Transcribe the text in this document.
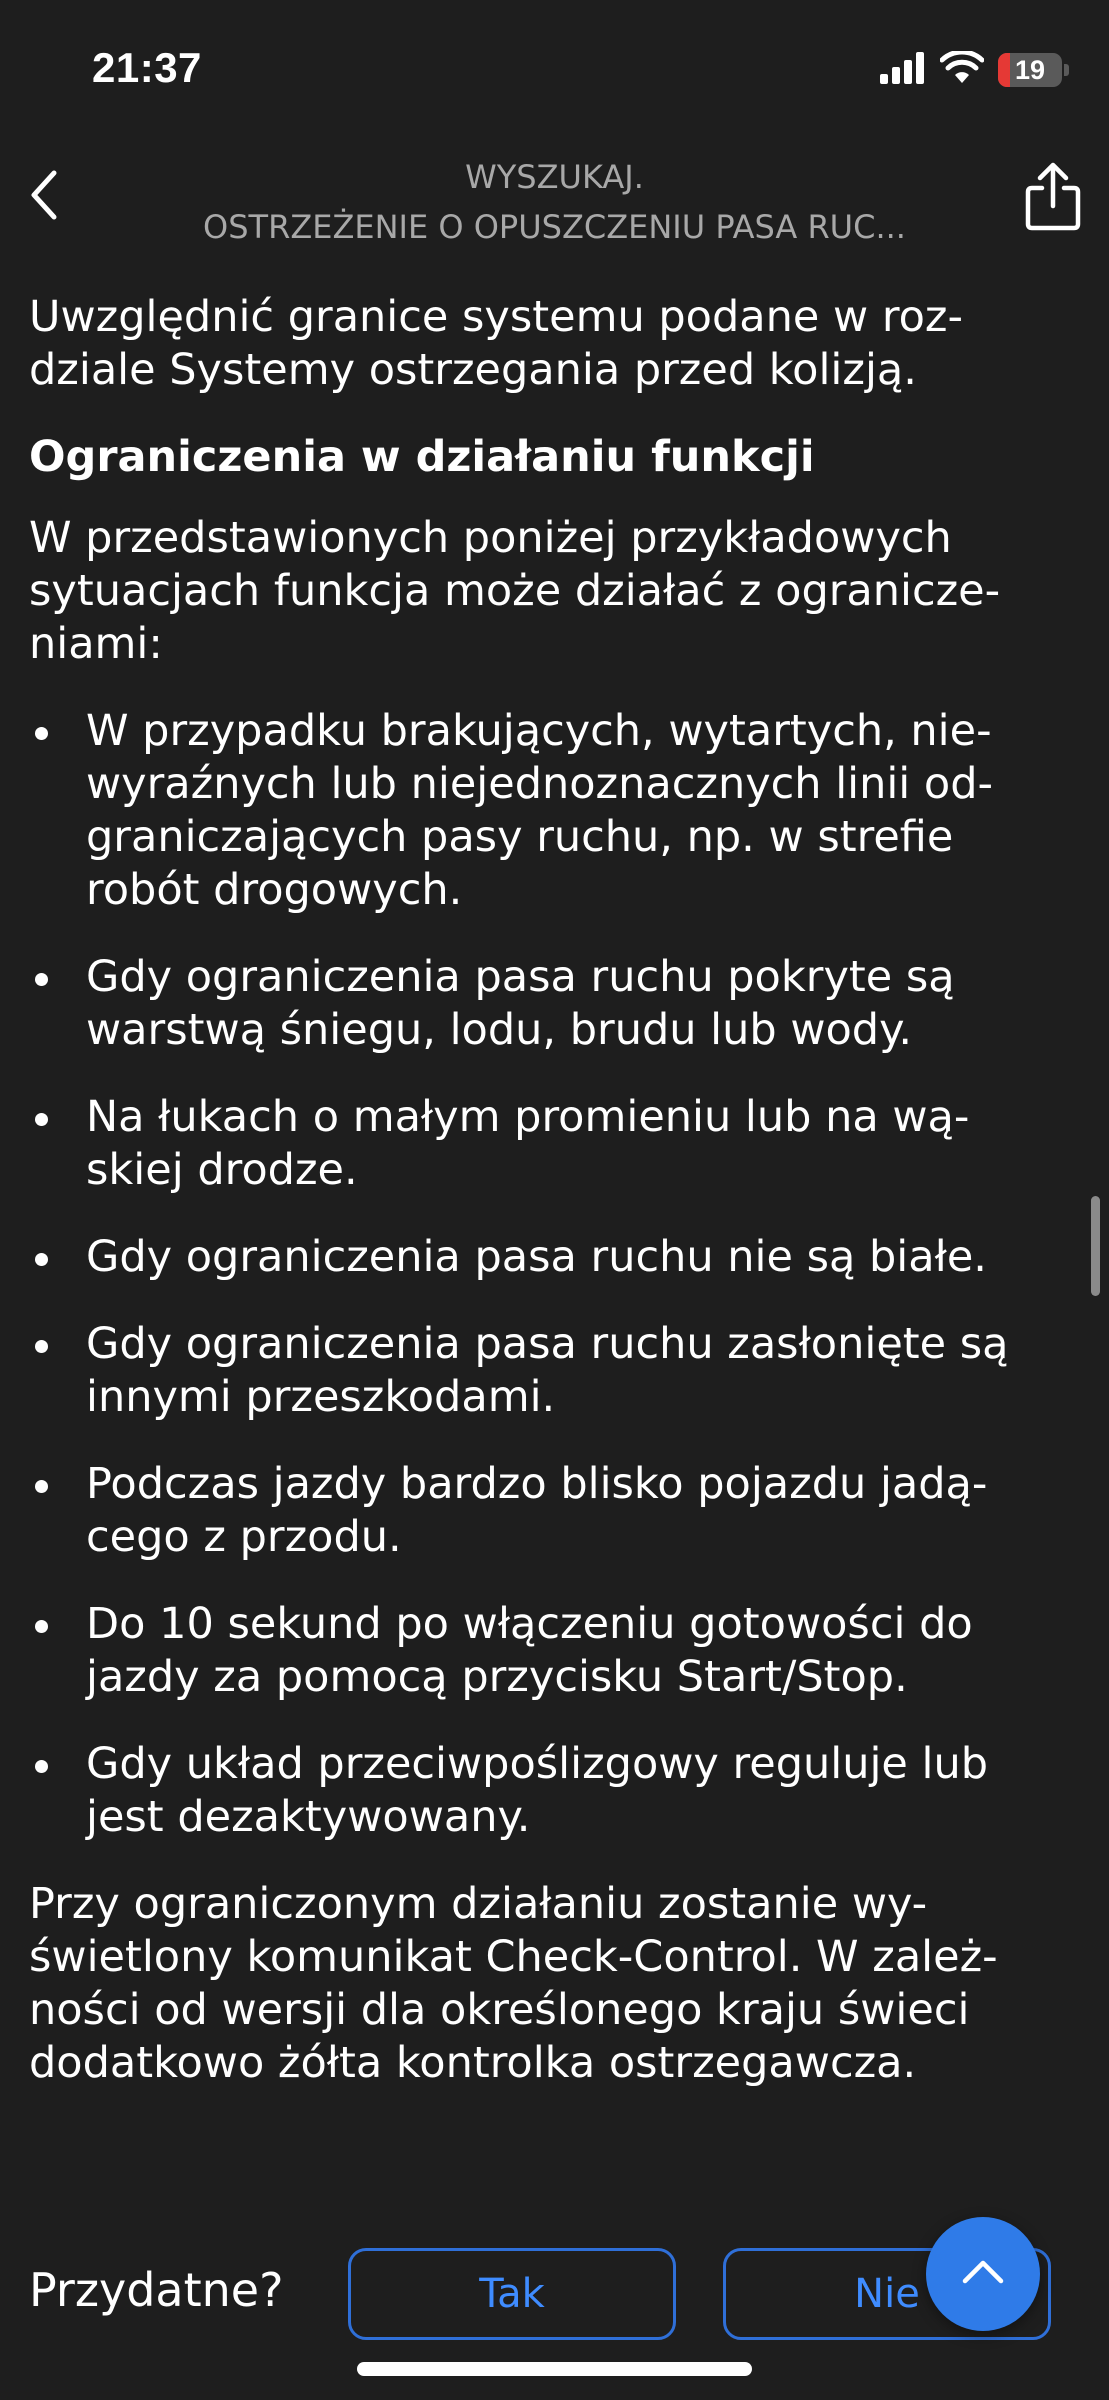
21:37	19
WYSZUKAJ.
OSTRZEŻENIE O OPUSZCZENIU PASA RUC...

Uwzględnić granice systemu podane w roz-
dziale Systemy ostrzegania przed kolizją.

Ograniczenia w działaniu funkcji

W przedstawionych poniżej przykładowych
sytuacjach funkcja może działać z ogranicze-
niami:

W przypadku brakujących, wytartych, nie-
wyraźnych lub niejednoznacznych linii od-
graniczających pasy ruchu, np. w strefie
robót drogowych.
Gdy ograniczenia pasa ruchu pokryte są
warstwą śniegu, lodu, brudu lub wody.
Na łukach o małym promieniu lub na wą-
skiej drodze.
Gdy ograniczenia pasa ruchu nie są białe.
Gdy ograniczenia pasa ruchu zasłonięte są
innymi przeszkodami.
Podczas jazdy bardzo blisko pojazdu jadą-
cego z przodu.
Do 10 sekund po włączeniu gotowości do
jazdy za pomocą przycisku Start/Stop.
Gdy układ przeciwpoślizgowy reguluje lub
jest dezaktywowany.

Przy ograniczonym działaniu zostanie wy-
świetlony komunikat Check-Control. W zależ-
ności od wersji dla określonego kraju świeci
dodatkowo żółta kontrolka ostrzegawcza.

Przydatne?	Tak	Nie
